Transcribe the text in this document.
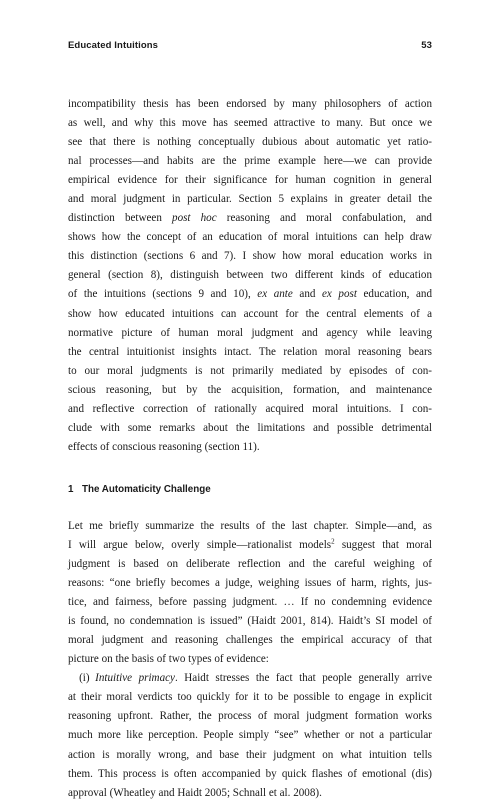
Educated Intuitions	53
incompatibility thesis has been endorsed by many philosophers of action
as well, and why this move has seemed attractive to many. But once we
see that there is nothing conceptually dubious about automatic yet ratio-
nal processes—and habits are the prime example here—we can provide
empirical evidence for their significance for human cognition in general
and moral judgment in particular. Section 5 explains in greater detail the
distinction between post hoc reasoning and moral confabulation, and
shows how the concept of an education of moral intuitions can help draw
this distinction (sections 6 and 7). I show how moral education works in
general (section 8), distinguish between two different kinds of education
of the intuitions (sections 9 and 10), ex ante and ex post education, and
show how educated intuitions can account for the central elements of a
normative picture of human moral judgment and agency while leaving
the central intuitionist insights intact. The relation moral reasoning bears
to our moral judgments is not primarily mediated by episodes of con-
scious reasoning, but by the acquisition, formation, and maintenance
and reflective correction of rationally acquired moral intuitions. I con-
clude with some remarks about the limitations and possible detrimental
effects of conscious reasoning (section 11).
1 The Automaticity Challenge
Let me briefly summarize the results of the last chapter. Simple—and, as
I will argue below, overly simple—rationalist models$^2$ suggest that moral
judgment is based on deliberate reflection and the careful weighing of
reasons: “one briefly becomes a judge, weighing issues of harm, rights, jus-
tice, and fairness, before passing judgment. … If no condemning evidence
is found, no condemnation is issued” (Haidt 2001, 814). Haidt’s SI model of
moral judgment and reasoning challenges the empirical accuracy of that
picture on the basis of two types of evidence:
 (i) Intuitive primacy. Haidt stresses the fact that people generally arrive
at their moral verdicts too quickly for it to be possible to engage in explicit
reasoning upfront. Rather, the process of moral judgment formation works
much more like perception. People simply “see” whether or not a particular
action is morally wrong, and base their judgment on what intuition tells
them. This process is often accompanied by quick flashes of emotional (dis)
approval (Wheatley and Haidt 2005; Schnall et al. 2008).
